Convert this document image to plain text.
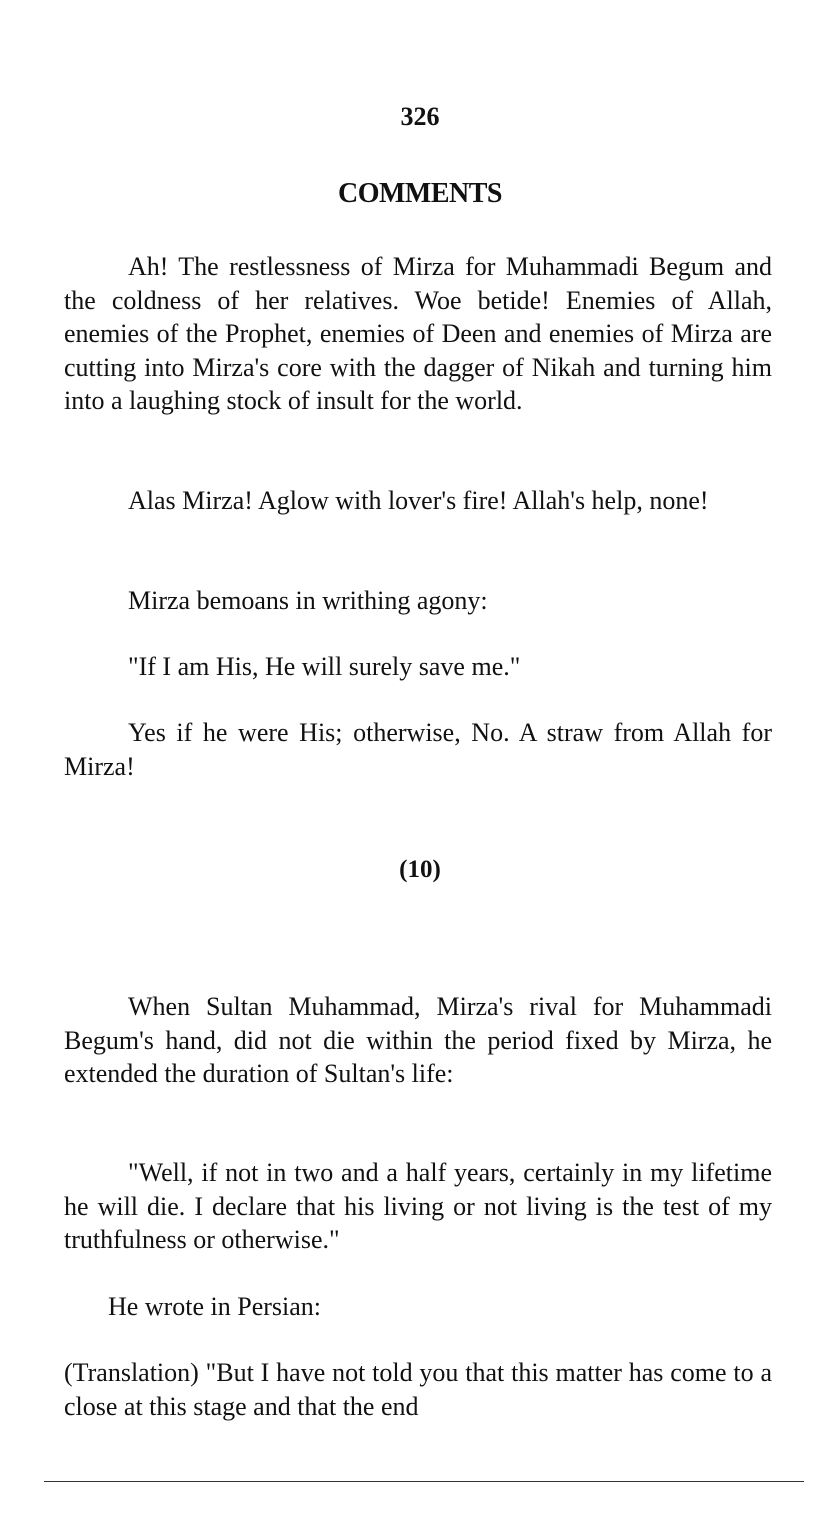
326
COMMENTS

Ah! The restlessness of Mirza for Muhammadi Begum and the coldness of her relatives. Woe betide! Enemies of Allah, enemies of the Prophet, enemies of Deen and enemies of Mirza are cutting into Mirza's core with the dagger of Nikah and turning him into a laughing stock of insult for the world.

Alas Mirza! Aglow with lover's fire! Allah's help, none!

Mirza bemoans in writhing agony:

"If I am His, He will surely save me."

Yes if he were His; otherwise, No. A straw from Allah for Mirza!

(10)

When Sultan Muhammad, Mirza's rival for Muhammadi Begum's hand, did not die within the period fixed by Mirza, he extended the duration of Sultan's life:

"Well, if not in two and a half years, certainly in my lifetime he will die. I declare that his living or not living is the test of my truthfulness or otherwise."

He wrote in Persian:

(Translation) "But I have not told you that this matter has come to a close at this stage and that the end
